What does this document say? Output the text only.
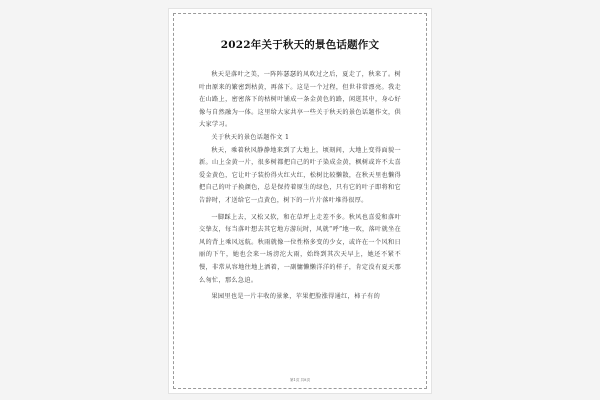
2022年关于秋天的景色话题作文

秋天是落叶之美，一阵阵瑟瑟的风吹过之后，夏走了，秋来了。树叶由原来的繁密到枯黄，再落下。这是一个过程，但世非常漂亮。我走在山路上，密密落下的枯树叶铺成一条金黄色的路，闲逛其中，身心好像与自然融为一体。这里给大家共享一些关于秋天的景色话题作文，供大家学习。

关于秋天的景色话题作文 1

秋天，乘着秋风静静地来到了大地上，顷刻间，大地上变得面貌一新。山上金黄一片，很多树都把自己的叶子染成金黄，枫树或许不太喜爱金黄色，它让叶子装扮得火红火红，松树比较懒散，在秋天里也懒得把自己的叶子换颜色，总是保持着原生的绿色，只有它的叶子即将和它告辞时，才送给它一点黄色，树下的一片片落叶堆得很厚。

一脚踩上去，又松又软，和在草坪上走差不多。秋风也喜爱和落叶交挚友，每当落叶想去其它地方游玩时，风就“呼”地一吹，落叶就坐在风的背上乘风远航。秋雨就像一位性格多变的少女，或许在一个风和日丽的下午，她也会来一场滂沱大雨，始终到其次天早上，她还不紧不慢，非常从容地往地上洒着，一副慵懒懒洋洋的样子，肯定没有夏天那么匆忙，那么急迫。

果园里也是一片丰收的景象，苹果把脸涨得通红，柿子有的

第1页 共8页
